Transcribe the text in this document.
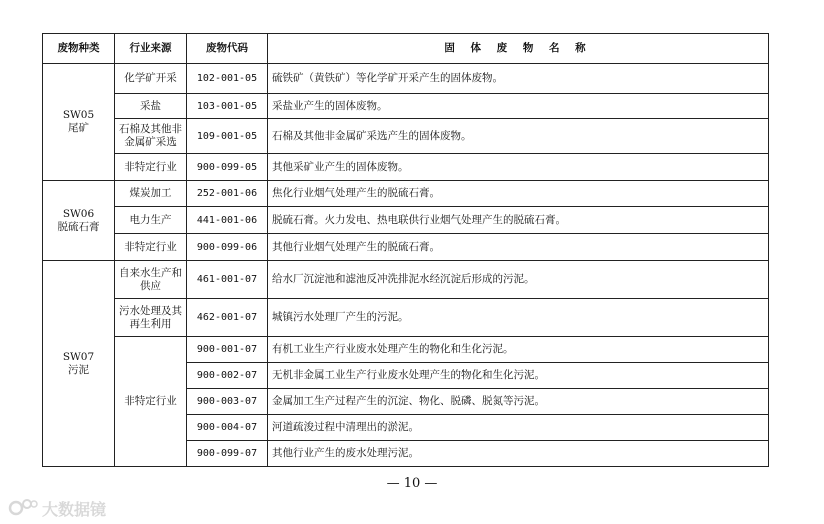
废物种类	行业来源	废物代码	固 体 废 物 名 称

SW05
尾矿	化学矿开采	102-001-05	硫铁矿（黄铁矿）等化学矿开采产生的固体废物。
	采盐	103-001-05	采盐业产生的固体废物。
	石棉及其他非金属矿采选	109-001-05	石棉及其他非金属矿采选产生的固体废物。
	非特定行业	900-099-05	其他采矿业产生的固体废物。

SW06
脱硫石膏	煤炭加工	252-001-06	焦化行业烟气处理产生的脱硫石膏。
	电力生产	441-001-06	脱硫石膏。火力发电、热电联供行业烟气处理产生的脱硫石膏。
	非特定行业	900-099-06	其他行业烟气处理产生的脱硫石膏。

SW07
污泥	自来水生产和供应	461-001-07	给水厂沉淀池和滤池反冲洗排泥水经沉淀后形成的污泥。
	污水处理及其再生利用	462-001-07	城镇污水处理厂产生的污泥。
	非特定行业	900-001-07	有机工业生产行业废水处理产生的物化和生化污泥。
		900-002-07	无机非金属工业生产行业废水处理产生的物化和生化污泥。
		900-003-07	金属加工生产过程产生的沉淀、物化、脱磷、脱氮等污泥。
		900-004-07	河道疏浚过程中清理出的淤泥。
		900-099-07	其他行业产生的废水处理污泥。
— 10 —
大数据镜
